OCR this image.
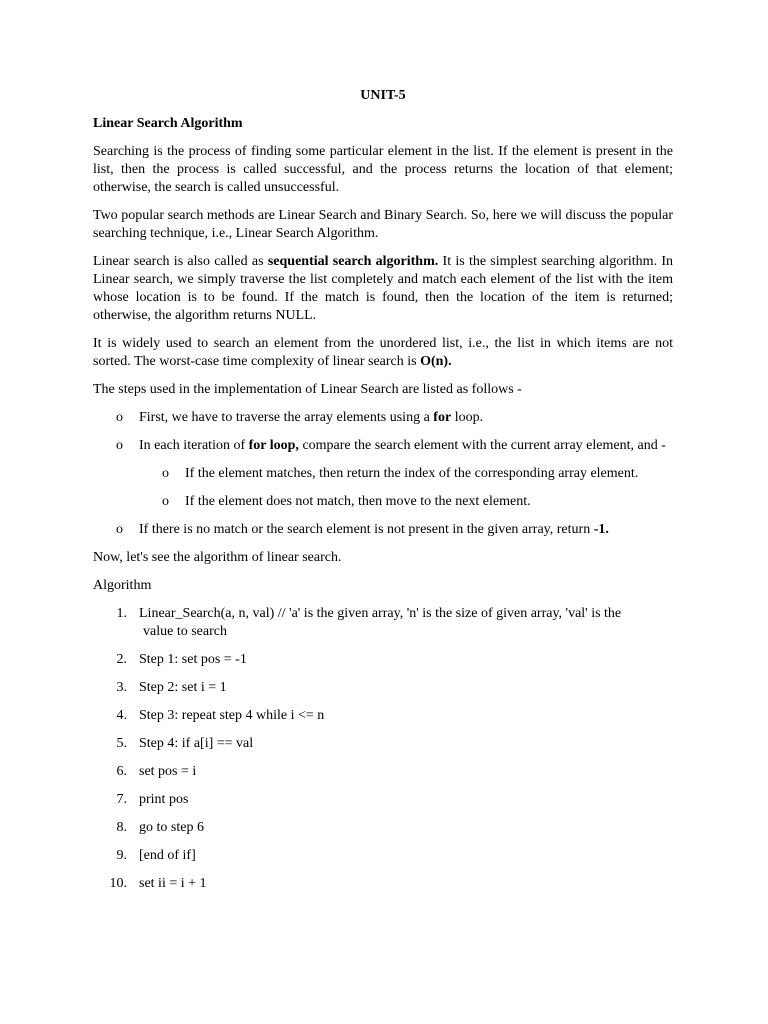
UNIT-5
Linear Search Algorithm

Searching is the process of finding some particular element in the list. If the element is present in the list, then the process is called successful, and the process returns the location of that element; otherwise, the search is called unsuccessful.

Two popular search methods are Linear Search and Binary Search. So, here we will discuss the popular searching technique, i.e., Linear Search Algorithm.

Linear search is also called as sequential search algorithm. It is the simplest searching algorithm. In Linear search, we simply traverse the list completely and match each element of the list with the item whose location is to be found. If the match is found, then the location of the item is returned; otherwise, the algorithm returns NULL.

It is widely used to search an element from the unordered list, i.e., the list in which items are not sorted. The worst-case time complexity of linear search is O(n).

The steps used in the implementation of Linear Search are listed as follows -

o First, we have to traverse the array elements using a for loop.
o In each iteration of for loop, compare the search element with the current array element, and -
o If the element matches, then return the index of the corresponding array element.
o If the element does not match, then move to the next element.
o If there is no match or the search element is not present in the given array, return -1.

Now, let's see the algorithm of linear search.

Algorithm

1. Linear_Search(a, n, val) // 'a' is the given array, 'n' is the size of given array, 'val' is the
value to search
2. Step 1: set pos = -1
3. Step 2: set i = 1
4. Step 3: repeat step 4 while i <= n
5. Step 4: if a[i] == val
6. set pos = i
7. print pos
8. go to step 6
9. [end of if]
10. set ii = i + 1
